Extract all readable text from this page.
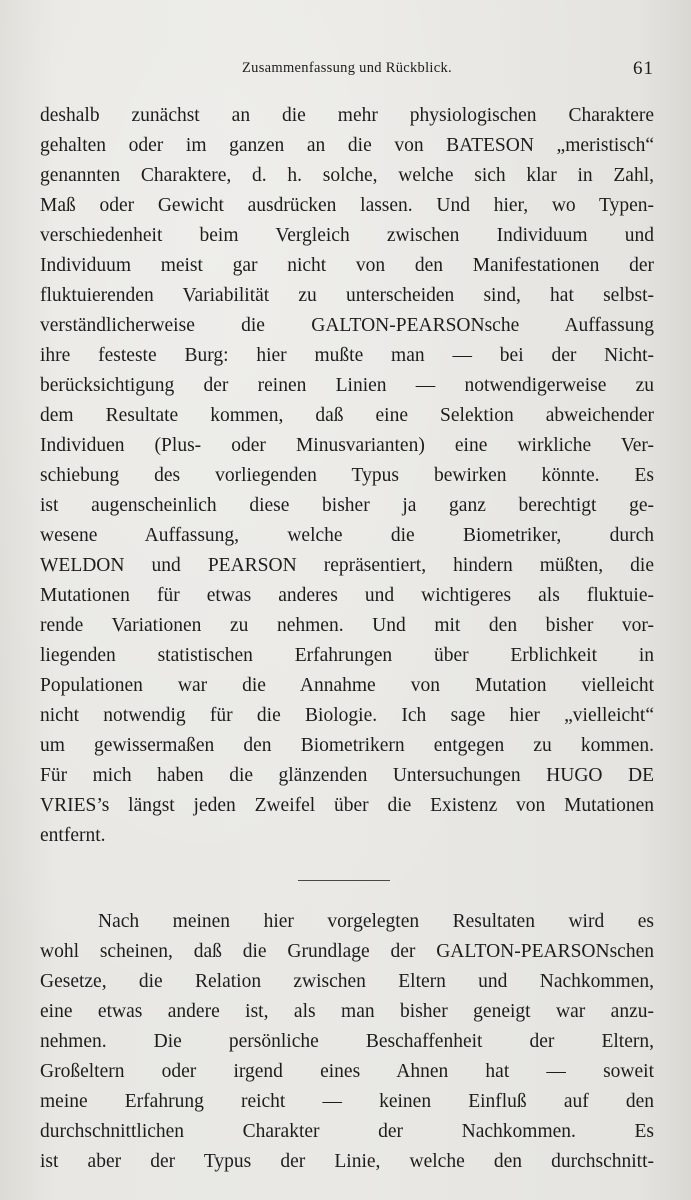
Zusammenfassung und Rückblick.	61
deshalb zunächst an die mehr physiologischen Charaktere
gehalten oder im ganzen an die von BATESON „meristisch“
genannten Charaktere, d. h. solche, welche sich klar in Zahl,
Maß oder Gewicht ausdrücken lassen. Und hier, wo Typen-
verschiedenheit beim Vergleich zwischen Individuum und
Individuum meist gar nicht von den Manifestationen der
fluktuierenden Variabilität zu unterscheiden sind, hat selbst-
verständlicherweise die GALTON-PEARSONsche Auffassung
ihre festeste Burg: hier mußte man — bei der Nicht-
berücksichtigung der reinen Linien — notwendigerweise zu
dem Resultate kommen, daß eine Selektion abweichender
Individuen (Plus- oder Minusvarianten) eine wirkliche Ver-
schiebung des vorliegenden Typus bewirken könnte. Es
ist augenscheinlich diese bisher ja ganz berechtigt ge-
wesene Auffassung, welche die Biometriker, durch
WELDON und PEARSON repräsentiert, hindern müßten, die
Mutationen für etwas anderes und wichtigeres als fluktuie-
rende Variationen zu nehmen. Und mit den bisher vor-
liegenden statistischen Erfahrungen über Erblichkeit in
Populationen war die Annahme von Mutation vielleicht
nicht notwendig für die Biologie. Ich sage hier „vielleicht“
um gewissermaßen den Biometrikern entgegen zu kommen.
Für mich haben die glänzenden Untersuchungen HUGO DE
VRIES’s längst jeden Zweifel über die Existenz von Mutationen
entfernt.
Nach meinen hier vorgelegten Resultaten wird es
wohl scheinen, daß die Grundlage der GALTON-PEARSONschen
Gesetze, die Relation zwischen Eltern und Nachkommen,
eine etwas andere ist, als man bisher geneigt war anzu-
nehmen. Die persönliche Beschaffenheit der Eltern,
Großeltern oder irgend eines Ahnen hat — soweit
meine Erfahrung reicht — keinen Einfluß auf den
durchschnittlichen Charakter der Nachkommen. Es
ist aber der Typus der Linie, welche den durchschnitt-
